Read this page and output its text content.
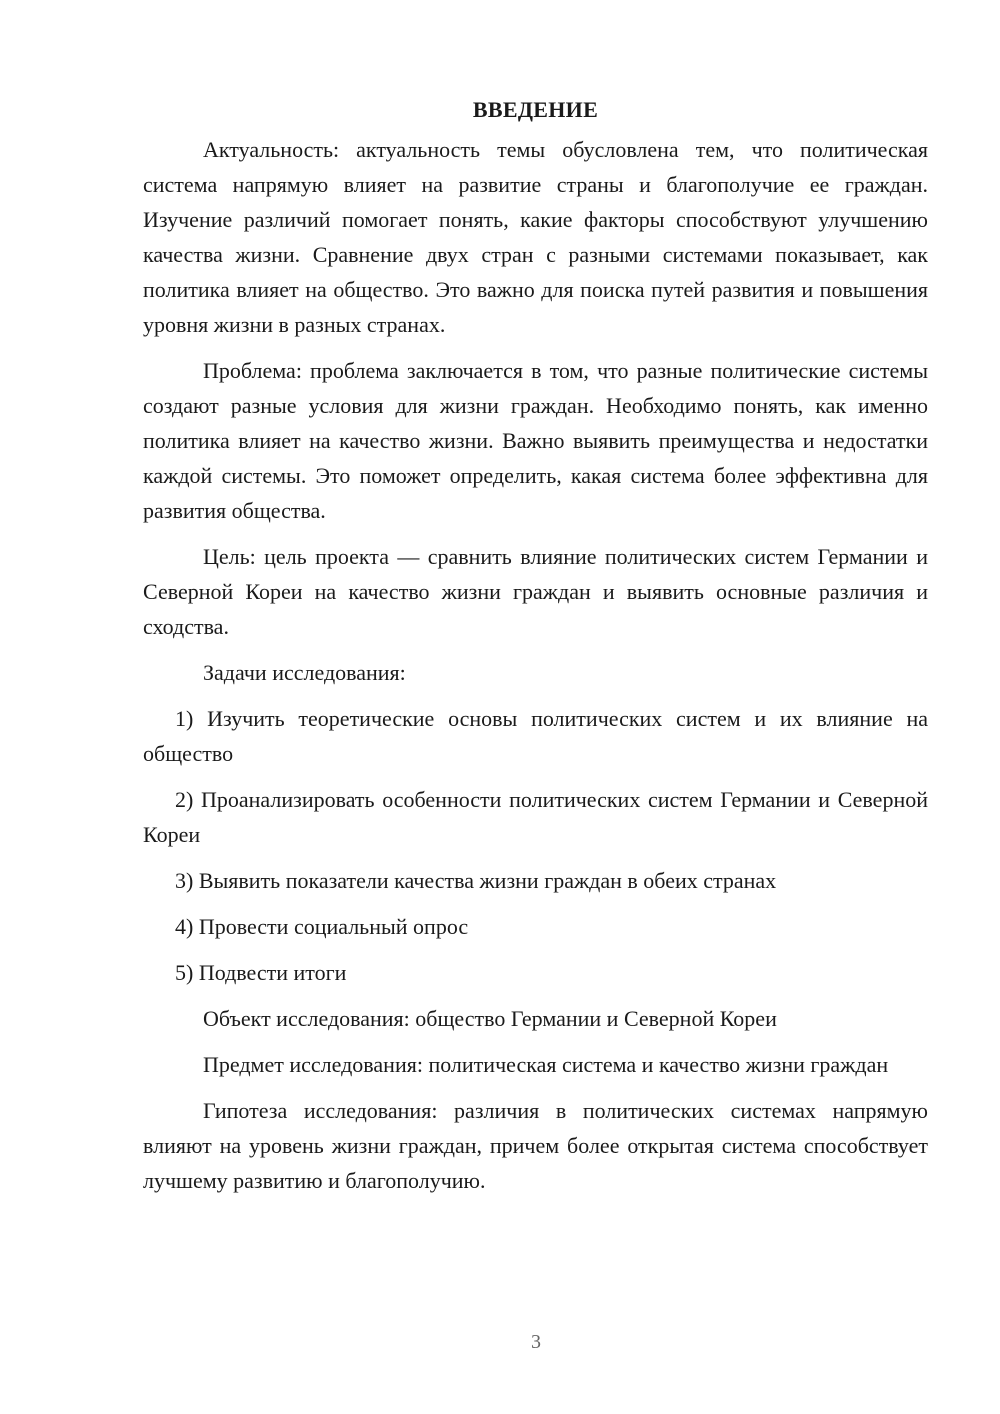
ВВЕДЕНИЕ

Актуальность: актуальность темы обусловлена тем, что политическая система напрямую влияет на развитие страны и благополучие ее граждан. Изучение различий помогает понять, какие факторы способствуют улучшению качества жизни. Сравнение двух стран с разными системами показывает, как политика влияет на общество. Это важно для поиска путей развития и повышения уровня жизни в разных странах.

Проблема: проблема заключается в том, что разные политические системы создают разные условия для жизни граждан. Необходимо понять, как именно политика влияет на качество жизни. Важно выявить преимущества и недостатки каждой системы. Это поможет определить, какая система более эффективна для развития общества.

Цель: цель проекта — сравнить влияние политических систем Германии и Северной Кореи на качество жизни граждан и выявить основные различия и сходства.

Задачи исследования:

1) Изучить теоретические основы политических систем и их влияние на общество

2) Проанализировать особенности политических систем Германии и Северной Кореи

3) Выявить показатели качества жизни граждан в обеих странах

4) Провести социальный опрос

5) Подвести итоги

Объект исследования: общество Германии и Северной Кореи

Предмет исследования: политическая система и качество жизни граждан

Гипотеза исследования: различия в политических системах напрямую влияют на уровень жизни граждан, причем более открытая система способствует лучшему развитию и благополучию.

3
